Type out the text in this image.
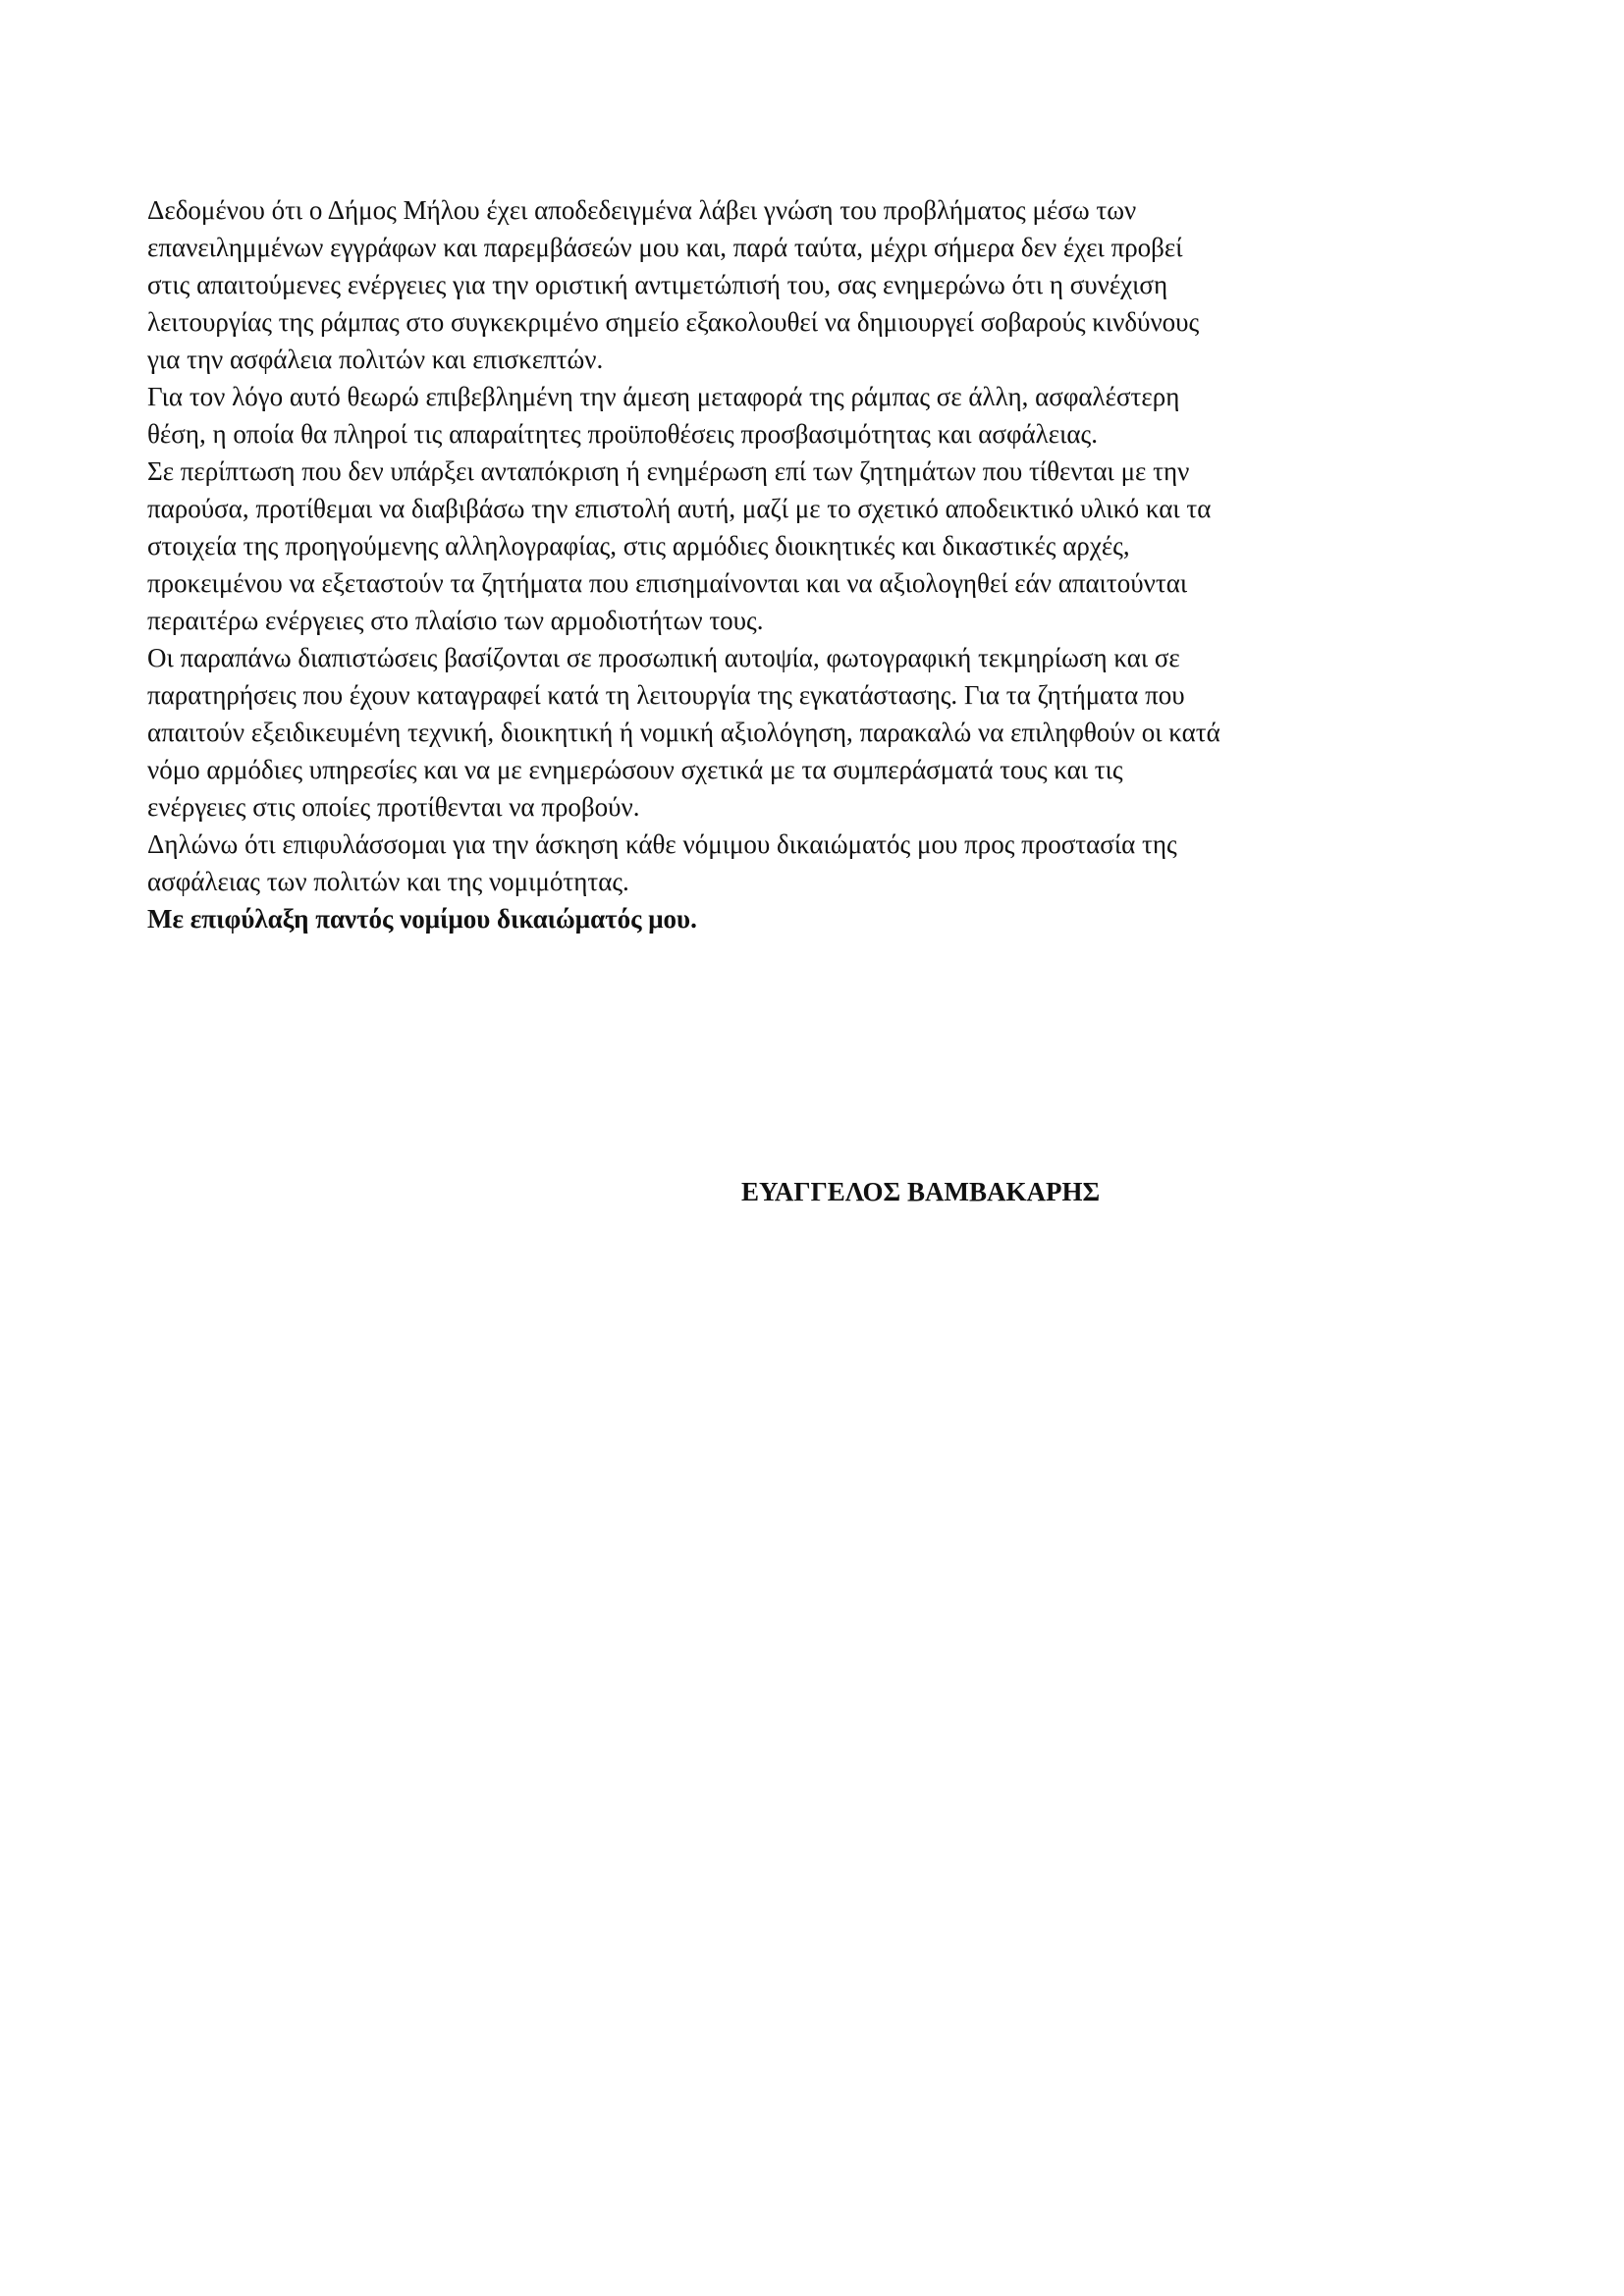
Δεδομένου ότι ο Δήμος Μήλου έχει αποδεδειγμένα λάβει γνώση του προβλήματος μέσω των
επανειλημμένων εγγράφων και παρεμβάσεών μου και, παρά ταύτα, μέχρι σήμερα δεν έχει προβεί
στις απαιτούμενες ενέργειες για την οριστική αντιμετώπισή του, σας ενημερώνω ότι η συνέχιση
λειτουργίας της ράμπας στο συγκεκριμένο σημείο εξακολουθεί να δημιουργεί σοβαρούς κινδύνους
για την ασφάλεια πολιτών και επισκεπτών.
Για τον λόγο αυτό θεωρώ επιβεβλημένη την άμεση μεταφορά της ράμπας σε άλλη, ασφαλέστερη
θέση, η οποία θα πληροί τις απαραίτητες προϋποθέσεις προσβασιμότητας και ασφάλειας.
Σε περίπτωση που δεν υπάρξει ανταπόκριση ή ενημέρωση επί των ζητημάτων που τίθενται με την
παρούσα, προτίθεμαι να διαβιβάσω την επιστολή αυτή, μαζί με το σχετικό αποδεικτικό υλικό και τα
στοιχεία της προηγούμενης αλληλογραφίας, στις αρμόδιες διοικητικές και δικαστικές αρχές,
προκειμένου να εξεταστούν τα ζητήματα που επισημαίνονται και να αξιολογηθεί εάν απαιτούνται
περαιτέρω ενέργειες στο πλαίσιο των αρμοδιοτήτων τους.

Οι παραπάνω διαπιστώσεις βασίζονται σε προσωπική αυτοψία, φωτογραφική τεκμηρίωση και σε
παρατηρήσεις που έχουν καταγραφεί κατά τη λειτουργία της εγκατάστασης. Για τα ζητήματα που
απαιτούν εξειδικευμένη τεχνική, διοικητική ή νομική αξιολόγηση, παρακαλώ να επιληφθούν οι κατά
νόμο αρμόδιες υπηρεσίες και να με ενημερώσουν σχετικά με τα συμπεράσματά τους και τις
ενέργειες στις οποίες προτίθενται να προβούν.

Δηλώνω ότι επιφυλάσσομαι για την άσκηση κάθε νόμιμου δικαιώματός μου προς προστασία της
ασφάλειας των πολιτών και της νομιμότητας.

Με επιφύλαξη παντός νομίμου δικαιώματός μου.

ΕΥΑΓΓΕΛΟΣ ΒΑΜΒΑΚΑΡΗΣ
